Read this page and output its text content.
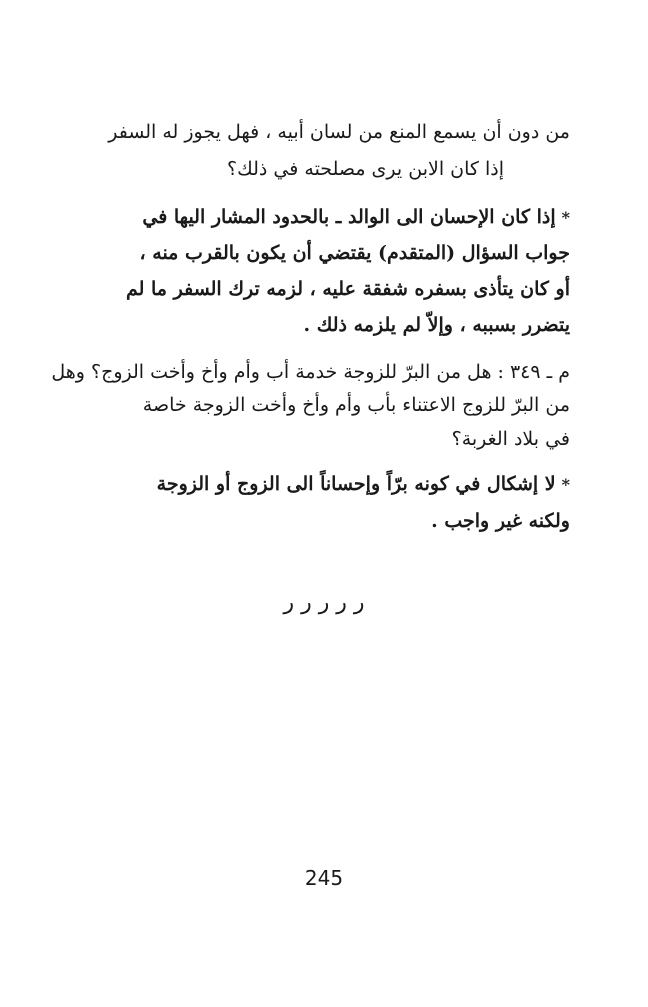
من دون أن يسمع المنع من لسان أبيه ، فهل يجوز له السفر
إذا كان الابن يرى مصلحته في ذلك؟
*إذا كان الإحسان الى الوالد ـ بالحدود المشار اليها في
جواب السؤال (المتقدم) يقتضي أن يكون بالقرب منه ،
أو كان يتأذى بسفره شفقة عليه ، لزمه ترك السفر ما لم
يتضرر بسببه ، وإلاّ لم يلزمه ذلك .
م ـ ٣٤٩ : هل من البرّ للزوجة خدمة أب وأم وأخ وأخت الزوج؟ وهل
من البرّ للزوج الاعتناء بأب وأم وأخ وأخت الزوجة خاصة
في بلاد الغربة؟
*لا إشكال في كونه برّاً وإحساناً الى الزوج أو الزوجة
ولكنه غير واجب .
ر ر ر ر ر
245
